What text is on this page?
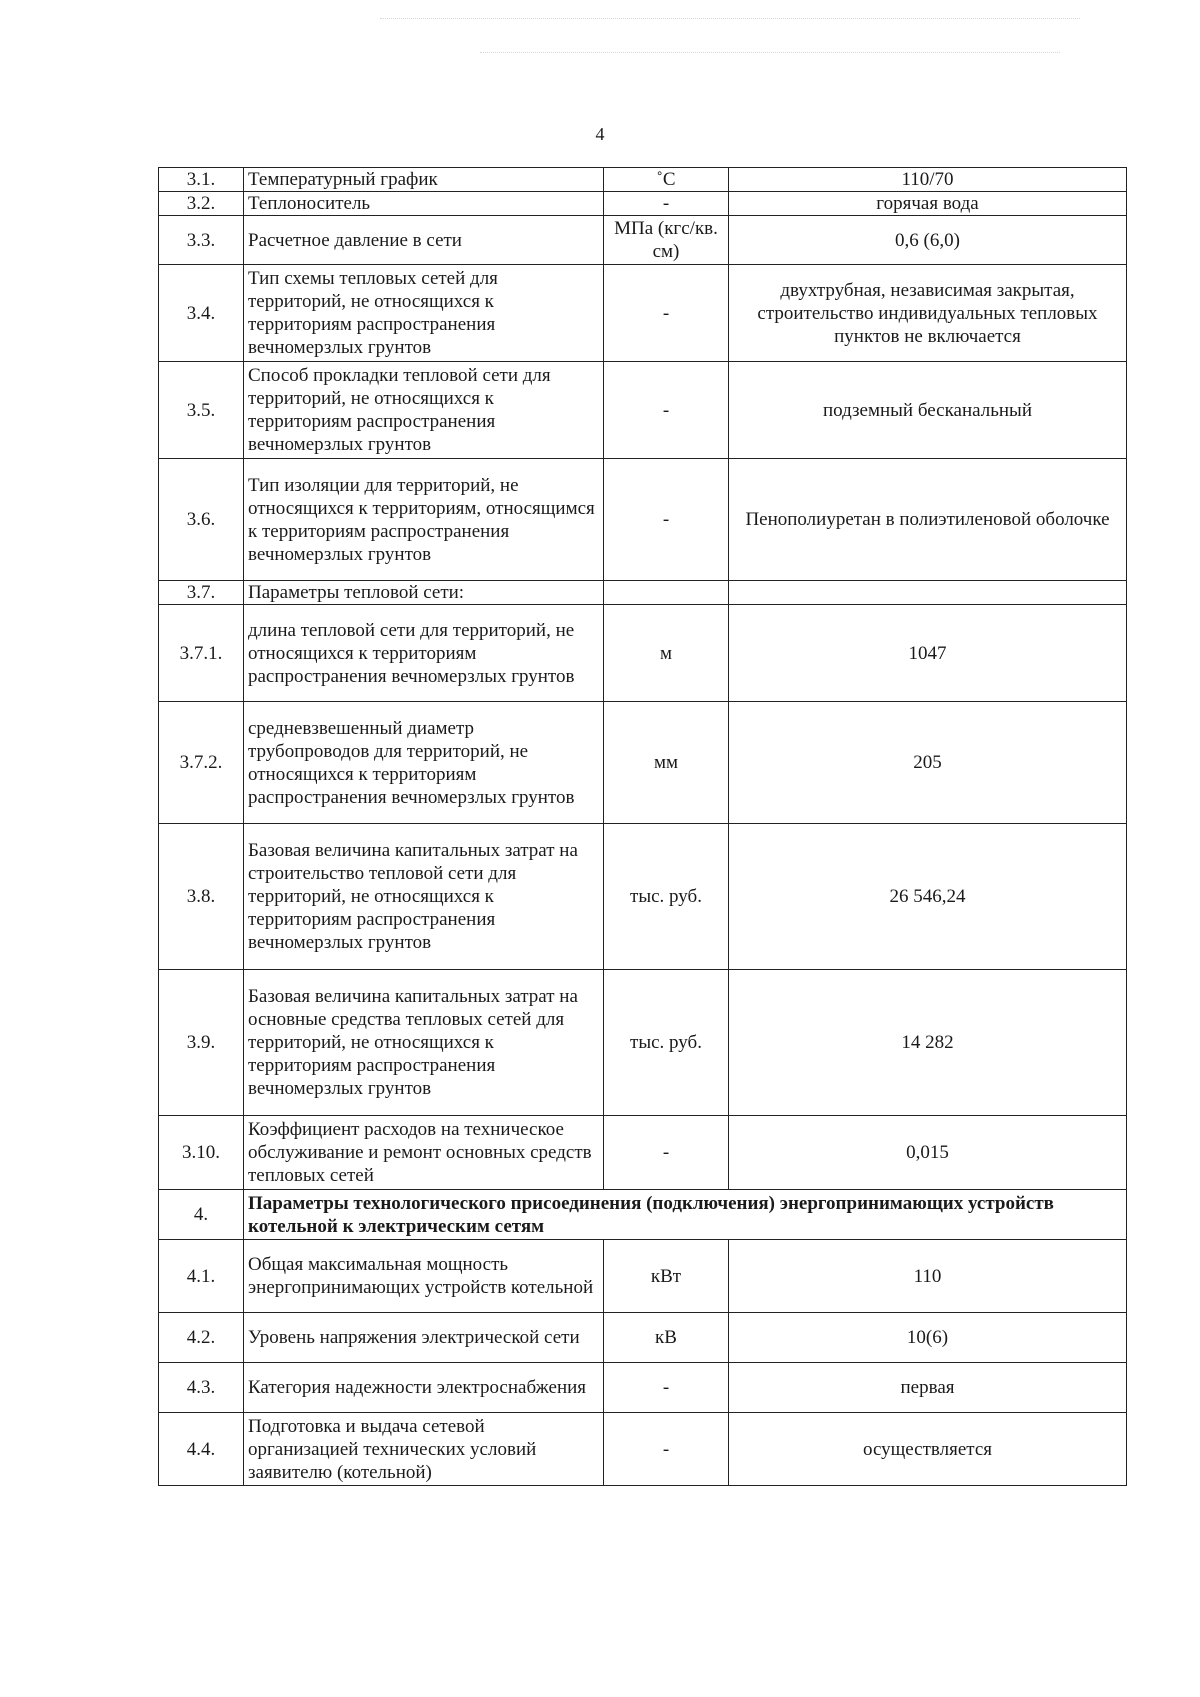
4
3.1.	Температурный график	˚С	110/70
3.2.	Теплоноситель	-	горячая вода
3.3.	Расчетное давление в сети	МПа (кгс/кв. см)	0,6 (6,0)
3.4.	Тип схемы тепловых сетей для территорий, не относящихся к территориям распространения вечномерзлых грунтов	-	двухтрубная, независимая закрытая, строительство индивидуальных тепловых пунктов не включается
3.5.	Способ прокладки тепловой сети для территорий, не относящихся к территориям распространения вечномерзлых грунтов	-	подземный бесканальный
3.6.	Тип изоляции для территорий, не относящихся к территориям, относящимся к территориям распространения вечномерзлых грунтов	-	Пенополиуретан в полиэтиленовой оболочке
3.7.	Параметры тепловой сети:		
3.7.1.	длина тепловой сети для территорий, не относящихся к территориям распространения вечномерзлых грунтов	м	1047
3.7.2.	средневзвешенный диаметр трубопроводов для территорий, не относящихся к территориям распространения вечномерзлых грунтов	мм	205
3.8.	Базовая величина капитальных затрат на строительство тепловой сети для территорий, не относящихся к территориям распространения вечномерзлых грунтов	тыс. руб.	26 546,24
3.9.	Базовая величина капитальных затрат на основные средства тепловых сетей для территорий, не относящихся к территориям распространения вечномерзлых грунтов	тыс. руб.	14 282
3.10.	Коэффициент расходов на техническое обслуживание и ремонт основных средств тепловых сетей	-	0,015
4.	Параметры технологического присоединения (подключения) энергопринимающих устройств котельной к электрическим сетям		
4.1.	Общая максимальная мощность энергопринимающих устройств котельной	кВт	110
4.2.	Уровень напряжения электрической сети	кВ	10(6)
4.3.	Категория надежности электроснабжения	-	первая
4.4.	Подготовка и выдача сетевой организацией технических условий заявителю (котельной)	-	осуществляется
